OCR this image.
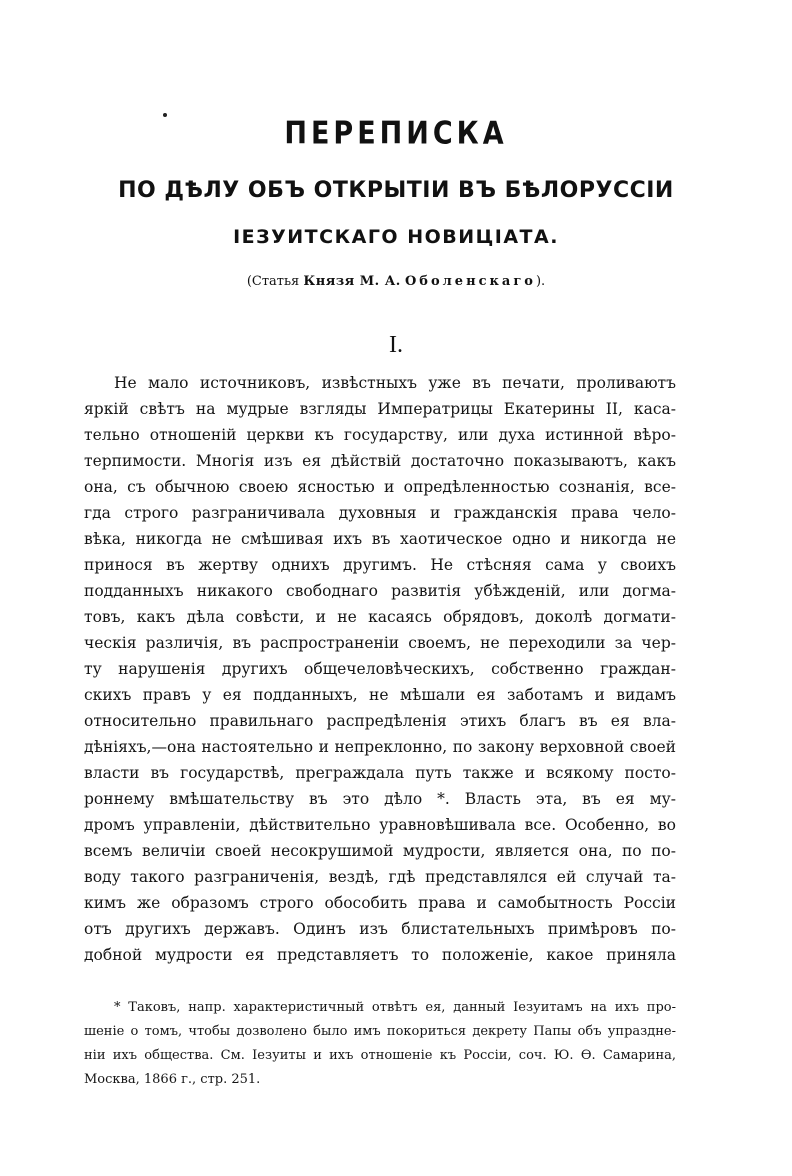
ПЕРЕПИСКА
ПО ДѢЛУ ОБЪ ОТКРЫТІИ ВЪ БѢЛОРУССІИ
ІЕЗУИТСКАГО НОВИЦІАТА.

(Статья Князя М. А. Оболенскаго).

I.
Не мало источниковъ, извѣстныхъ уже въ печати, проливаютъ
яркій свѣтъ на мудрые взгляды Императрицы Екатерины II, каса-
тельно отношеній церкви къ государству, или духа истинной вѣро-
терпимости. Многія изъ ея дѣйствій достаточно показываютъ, какъ
она, съ обычною своею ясностью и опредѣленностью сознанія, все-
гда строго разграничивала духовныя и гражданскія права чело-
вѣка, никогда не смѣшивая ихъ въ хаотическое одно и никогда не
принося въ жертву однихъ другимъ. Не стѣсняя сама у своихъ
подданныхъ никакого свободнаго развитія убѣжденій, или догма-
товъ, какъ дѣла совѣсти, и не касаясь обрядовъ, доколѣ догмати-
ческія различія, въ распространеніи своемъ, не переходили за чер-
ту нарушенія другихъ общечеловѣческихъ, собственно граждан-
скихъ правъ у ея подданныхъ, не мѣшали ея заботамъ и видамъ
относительно правильнаго распредѣленія этихъ благъ въ ея вла-
дѣніяхъ,—она настоятельно и непреклонно, по закону верховной своей
власти въ государствѣ, преграждала путь также и всякому посто-
роннему вмѣшательству въ это дѣло *. Власть эта, въ ея му-
дромъ управленіи, дѣйствительно уравновѣшивала все. Особенно, во
всемъ величіи своей несокрушимой мудрости, является она, по по-
воду такого разграниченія, вездѣ, гдѣ представлялся ей случай та-
кимъ же образомъ строго обособить права и самобытность Россіи
отъ другихъ державъ. Одинъ изъ блистательныхъ примѣровъ по-
добной мудрости ея представляетъ то положеніе, какое приняла
* Таковъ, напр. характеристичный отвѣтъ ея, данный Іезуитамъ на ихъ про-
шеніе о томъ, чтобы дозволено было имъ покориться декрету Папы объ упраздне-
ніи ихъ общества. См. Іезуиты и ихъ отношеніе къ Россіи, соч. Ю. Ѳ. Самарина,
Москва, 1866 г., стр. 251.
